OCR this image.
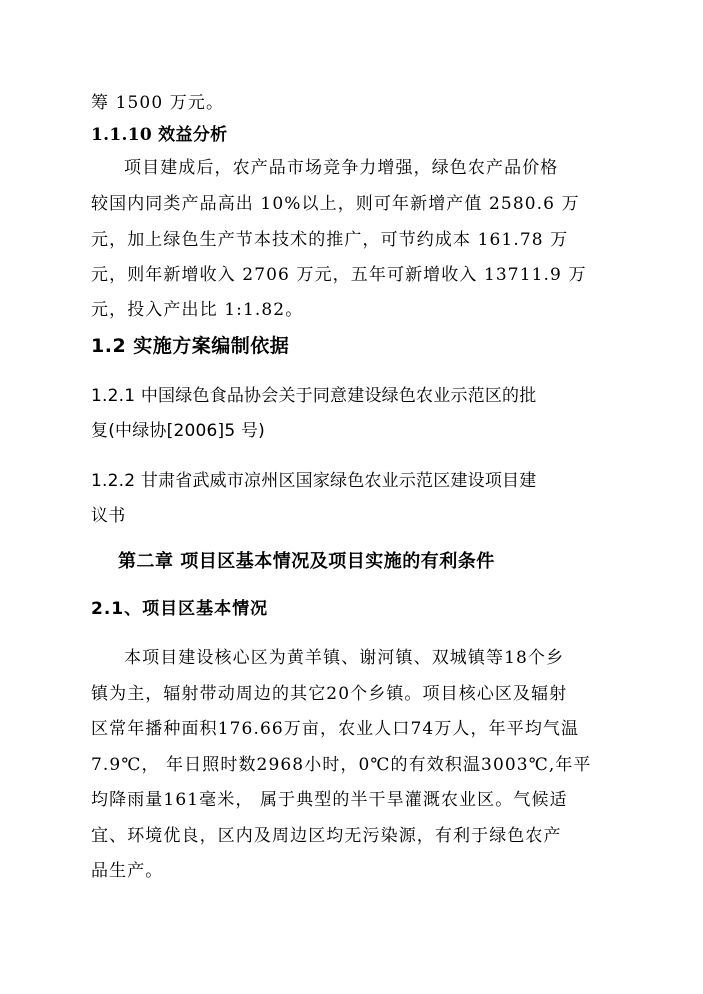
筹 1500 万元。
1.1.10 效益分析
项目建成后，农产品市场竞争力增强，绿色农产品价格
较国内同类产品高出 10%以上，则可年新增产值 2580.6 万
元，加上绿色生产节本技术的推广，可节约成本 161.78 万
元，则年新增收入 2706 万元，五年可新增收入 13711.9 万
元，投入产出比 1:1.82。
1.2 实施方案编制依据
1.2.1 中国绿色食品协会关于同意建设绿色农业示范区的批
复(中绿协[2006]5 号)
1.2.2 甘肃省武威市凉州区国家绿色农业示范区建设项目建
议书
第二章 项目区基本情况及项目实施的有利条件
2.1、项目区基本情况
本项目建设核心区为黄羊镇、谢河镇、双城镇等18个乡
镇为主，辐射带动周边的其它20个乡镇。项目核心区及辐射
区常年播种面积176.66万亩，农业人口74万人，年平均气温
7.9℃， 年日照时数2968小时，0℃的有效积温3003℃,年平
均降雨量161毫米， 属于典型的半干旱灌溉农业区。气候适
宜、环境优良，区内及周边区均无污染源，有利于绿色农产
品生产。
